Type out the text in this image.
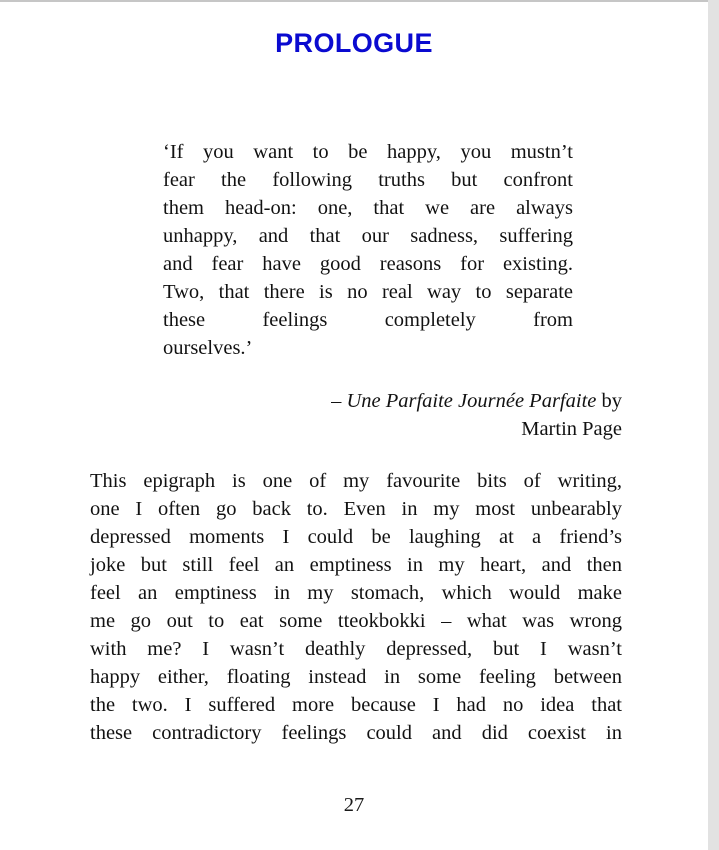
PROLOGUE

‘If you want to be happy, you mustn’t
fear the following truths but confront
them head-on: one, that we are always
unhappy, and that our sadness, suffering
and fear have good reasons for existing.
Two, that there is no real way to separate
these feelings completely from
ourselves.’

– Une Parfaite Journée Parfaite by
Martin Page

This epigraph is one of my favourite bits of writing,
one I often go back to. Even in my most unbearably
depressed moments I could be laughing at a friend’s
joke but still feel an emptiness in my heart, and then
feel an emptiness in my stomach, which would make
me go out to eat some tteokbokki – what was wrong
with me? I wasn’t deathly depressed, but I wasn’t
happy either, floating instead in some feeling between
the two. I suffered more because I had no idea that
these contradictory feelings could and did coexist in

27
